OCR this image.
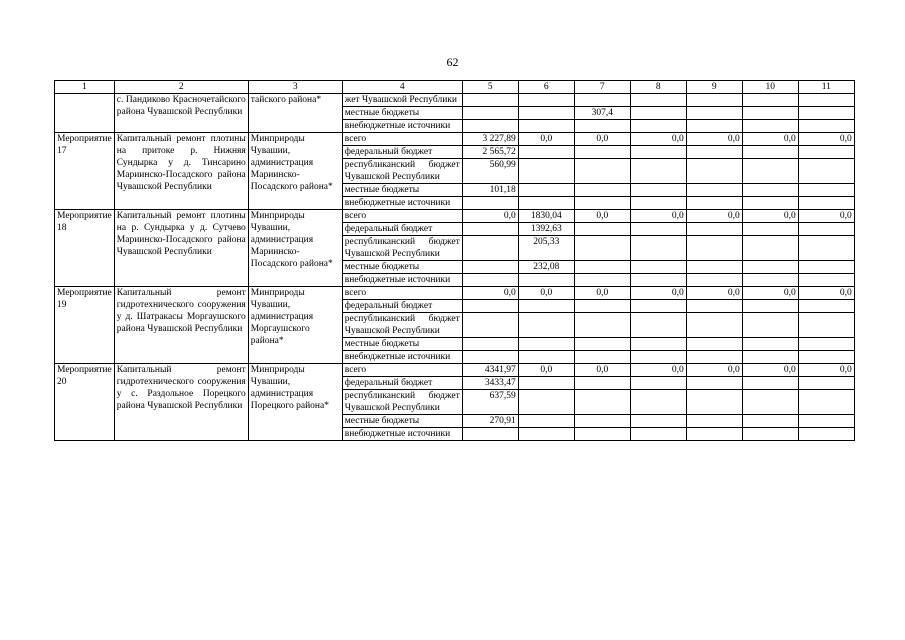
62
1	2	3	4	5	6	7	8	9	10	11
	с. Пандиково Красночетайского района Чувашской Республики	тайского района*	жет Чувашской Республики							
			местные бюджеты			307,4				
			внебюджетные источники							
Мероприятие 17	Капитальный ремонт плотины на притоке р. Нижняя Сундырка у д. Тинсарино Мариинско-Посадского района Чувашской Республики	Минприроды Чувашии, администрация Мариинско-Посадского района*	всего	3 227,89	0,0	0,0	0,0	0,0	0,0	0,0
			федеральный бюджет	2 565,72						
			республиканский бюджет Чувашской Республики	560,99						
			местные бюджеты	101,18						
			внебюджетные источники							
Мероприятие 18	Капитальный ремонт плотины на р. Сундырка у д. Сутчево Мариинско-Посадского района Чувашской Республики	Минприроды Чувашии, администрация Мариинско-Посадского района*	всего	0,0	1830,04	0,0	0,0	0,0	0,0	0,0
			федеральный бюджет		1392,63					
			республиканский бюджет Чувашской Республики		205,33					
			местные бюджеты		232,08					
			внебюджетные источники							
Мероприятие 19	Капитальный ремонт гидротехнического сооружения у д. Шатракасы Моргаушского района Чувашской Республики	Минприроды Чувашии, администрация Моргаушского района*	всего	0,0	0,0	0,0	0,0	0,0	0,0	0,0
			федеральный бюджет							
			республиканский бюджет Чувашской Республики							
			местные бюджеты							
			внебюджетные источники							
Мероприятие 20	Капитальный ремонт гидротехнического сооружения у с. Раздольное Порецкого района Чувашской Республики	Минприроды Чувашии, администрация Порецкого района*	всего	4341,97	0,0	0,0	0,0	0,0	0,0	0,0
			федеральный бюджет	3433,47						
			республиканский бюджет Чувашской Республики	637,59						
			местные бюджеты	270,91						
			внебюджетные источники							
